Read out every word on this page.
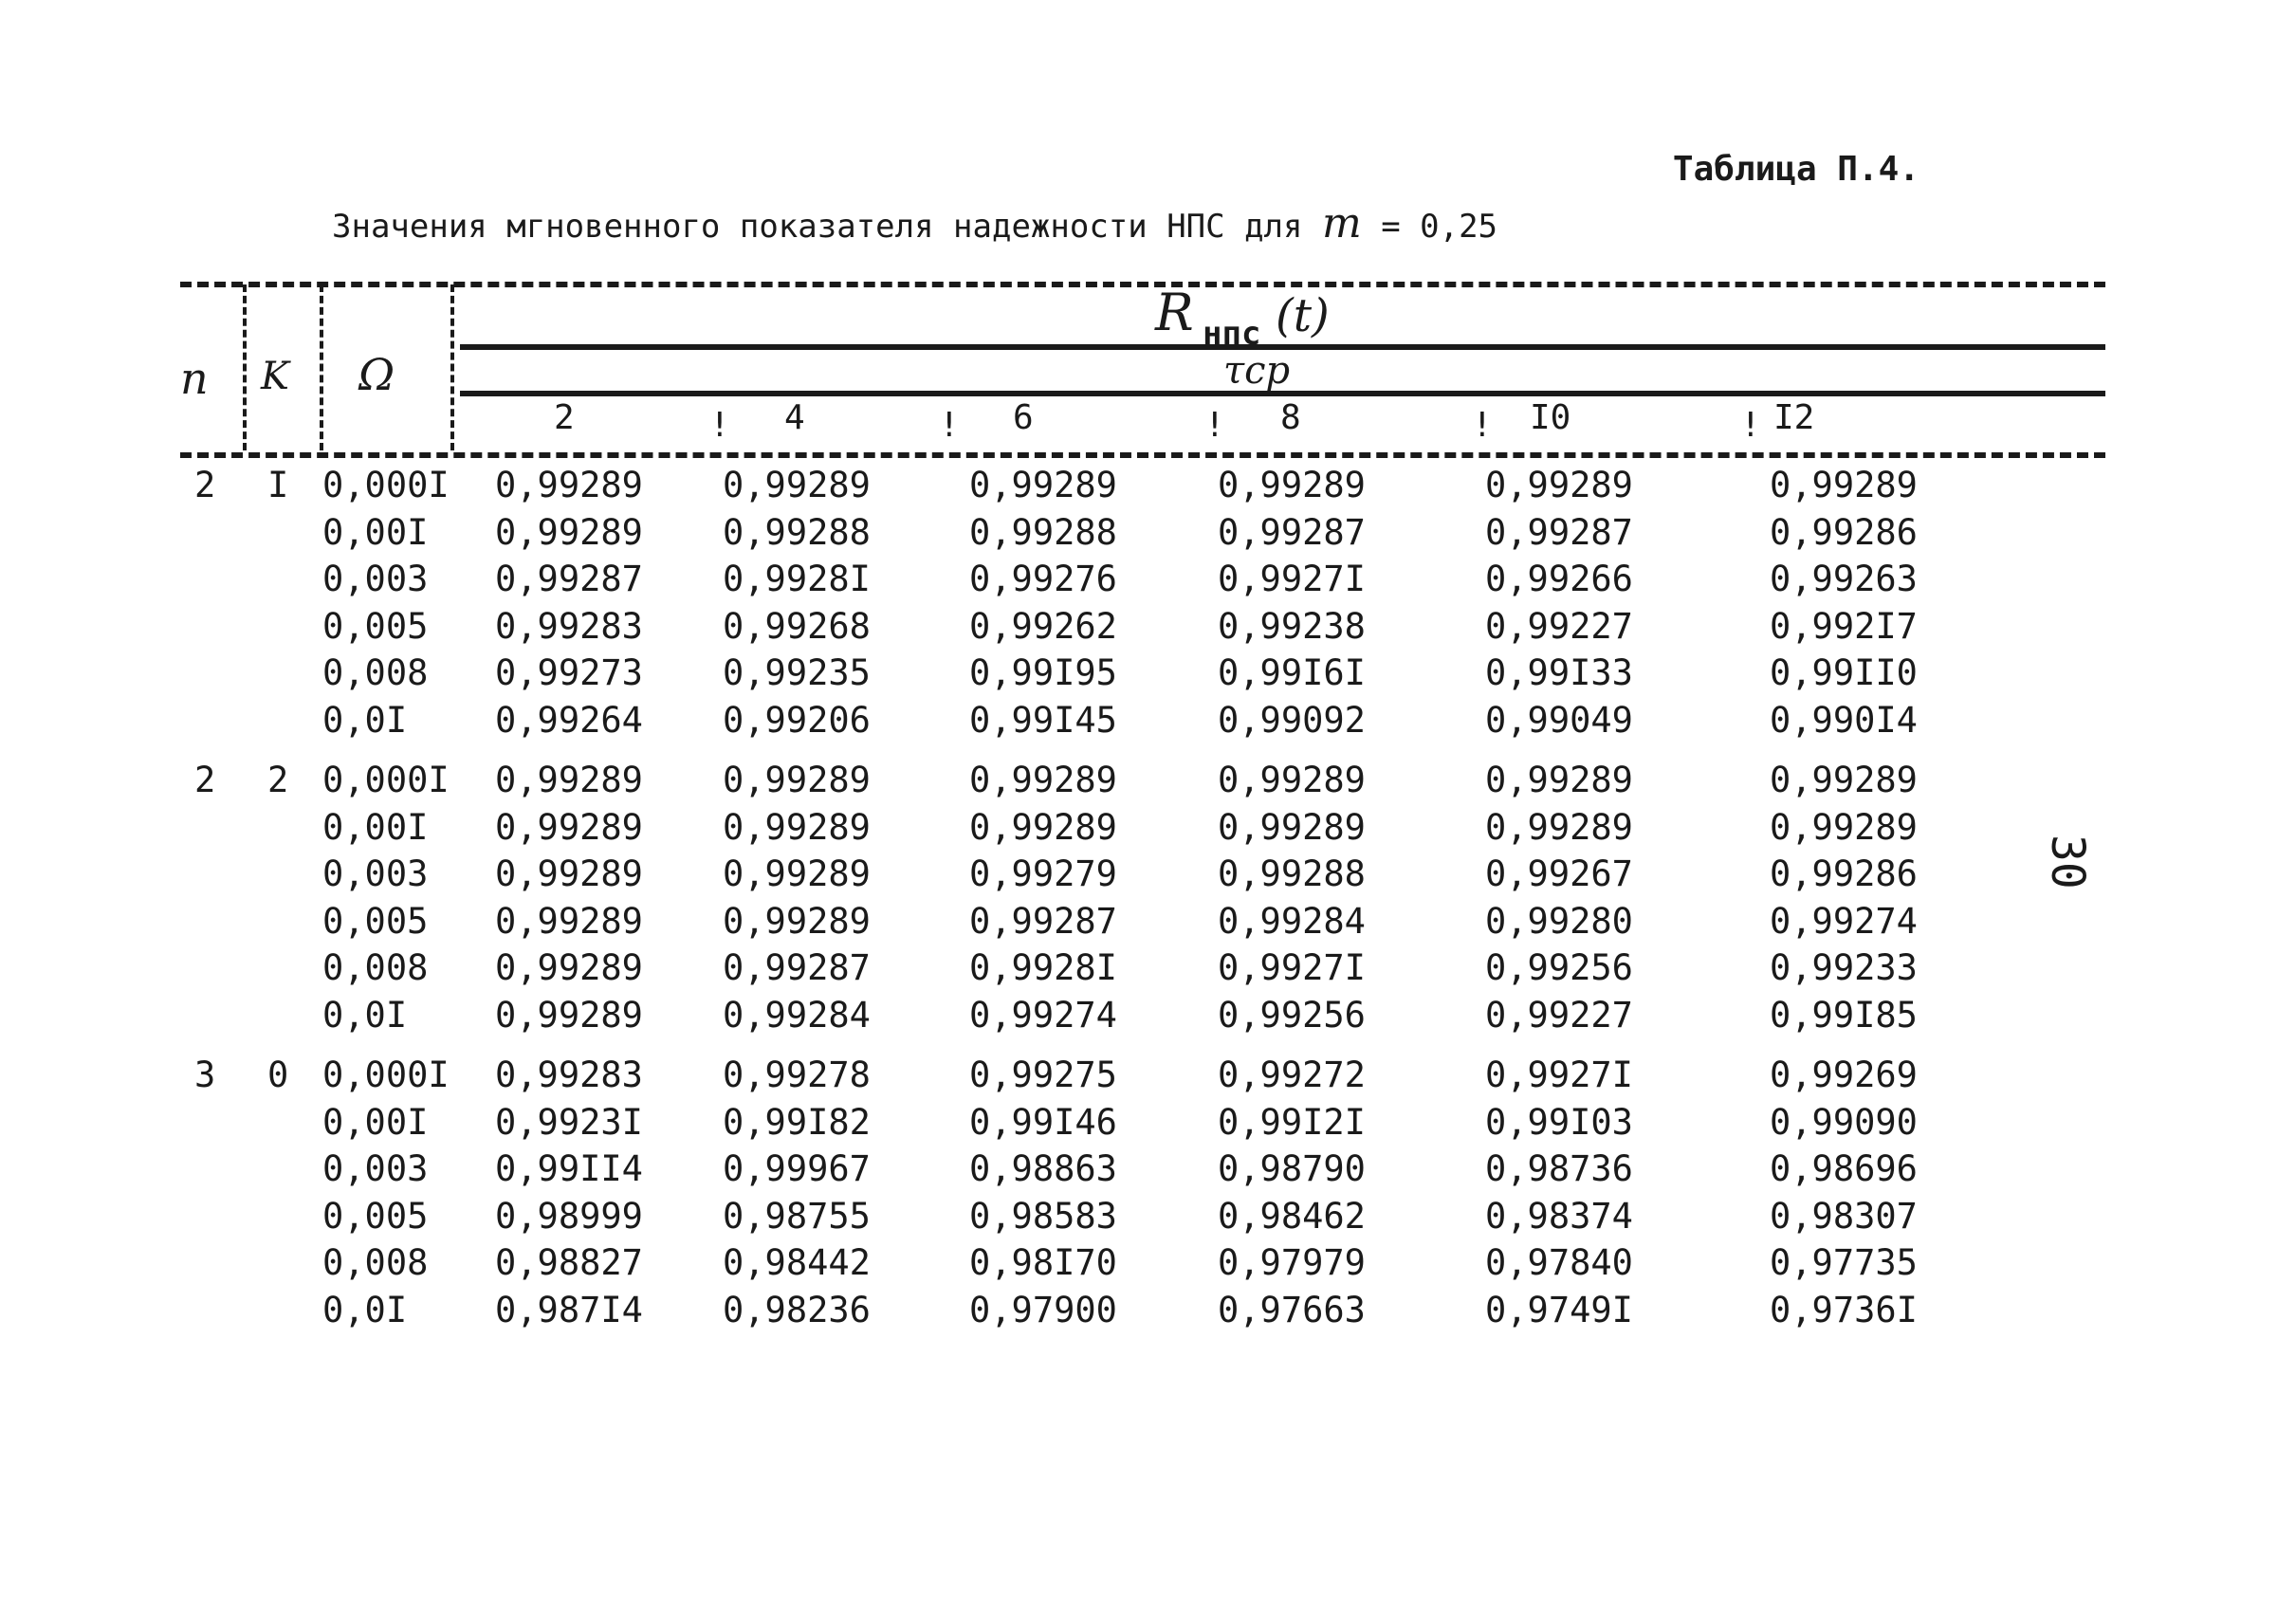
Таблица П.4.
Значения мгновенного показателя надежности НПС для m = 0,25
30
n K Ω
R нпс (t)
τср
2	! 4	! 6	! 8	! I0	! I2
2 I 0,000I 0,99289 0,99289	0,99289	0,99289	0,99289	0,99289
0,00I 0,99289 0,99288	0,99288	0,99287	0,99287	0,99286
0,003 0,99287 0,9928I	0,99276	0,9927I	0,99266	0,99263
0,005 0,99283 0,99268	0,99262	0,99238	0,99227	0,992I7
0,008 0,99273 0,99235	0,99I95	0,99I6I	0,99I33	0,99II0
0,0I	0,99264 0,99206	0,99I45	0,99092	0,99049	0,990I4
2 2 0,000I 0,99289 0,99289	0,99289	0,99289	0,99289	0,99289
0,00I 0,99289 0,99289	0,99289	0,99289	0,99289	0,99289
0,003 0,99289 0,99289	0,99279	0,99288	0,99267	0,99286
0,005 0,99289 0,99289	0,99287	0,99284	0,99280	0,99274
0,008 0,99289 0,99287	0,9928I	0,9927I	0,99256	0,99233
0,0I	0,99289 0,99284	0,99274	0,99256	0,99227	0,99I85
3 0 0,000I 0,99283 0,99278	0,99275	0,99272	0,9927I	0,99269
0,00I 0,9923I 0,99I82	0,99I46	0,99I2I	0,99I03	0,99090
0,003 0,99II4 0,99967	0,98863	0,98790	0,98736	0,98696
0,005 0,98999 0,98755	0,98583	0,98462	0,98374	0,98307
0,008 0,98827 0,98442	0,98I70	0,97979	0,97840	0,97735
0,0I	0,987I4 0,98236	0,97900	0,97663	0,9749I	0,9736I
